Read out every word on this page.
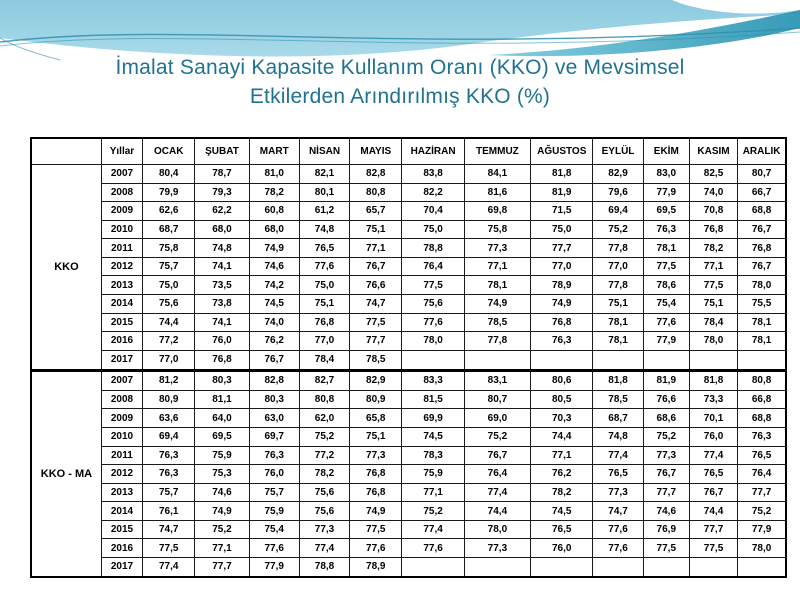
İmalat Sanayi Kapasite Kullanım Oranı (KKO) ve Mevsimsel
Etkilerden Arındırılmış KKO (%)
	Yıllar	OCAK	ŞUBAT	MART	NİSAN	MAYIS	HAZİRAN	TEMMUZ	AĞUSTOS	EYLÜL	EKİM	KASIM	ARALIK
KKO	2007	80,4	78,7	81,0	82,1	82,8	83,8	84,1	81,8	82,9	83,0	82,5	80,7
	2008	79,9	79,3	78,2	80,1	80,8	82,2	81,6	81,9	79,6	77,9	74,0	66,7
	2009	62,6	62,2	60,8	61,2	65,7	70,4	69,8	71,5	69,4	69,5	70,8	68,8
	2010	68,7	68,0	68,0	74,8	75,1	75,0	75,8	75,0	75,2	76,3	76,8	76,7
	2011	75,8	74,8	74,9	76,5	77,1	78,8	77,3	77,7	77,8	78,1	78,2	76,8
	2012	75,7	74,1	74,6	77,6	76,7	76,4	77,1	77,0	77,0	77,5	77,1	76,7
	2013	75,0	73,5	74,2	75,0	76,6	77,5	78,1	78,9	77,8	78,6	77,5	78,0
	2014	75,6	73,8	74,5	75,1	74,7	75,6	74,9	74,9	75,1	75,4	75,1	75,5
	2015	74,4	74,1	74,0	76,8	77,5	77,6	78,5	76,8	78,1	77,6	78,4	78,1
	2016	77,2	76,0	76,2	77,0	77,7	78,0	77,8	76,3	78,1	77,9	78,0	78,1
	2017	77,0	76,8	76,7	78,4	78,5							
KKO - MA	2007	81,2	80,3	82,8	82,7	82,9	83,3	83,1	80,6	81,8	81,9	81,8	80,8
	2008	80,9	81,1	80,3	80,8	80,9	81,5	80,7	80,5	78,5	76,6	73,3	66,8
	2009	63,6	64,0	63,0	62,0	65,8	69,9	69,0	70,3	68,7	68,6	70,1	68,8
	2010	69,4	69,5	69,7	75,2	75,1	74,5	75,2	74,4	74,8	75,2	76,0	76,3
	2011	76,3	75,9	76,3	77,2	77,3	78,3	76,7	77,1	77,4	77,3	77,4	76,5
	2012	76,3	75,3	76,0	78,2	76,8	75,9	76,4	76,2	76,5	76,7	76,5	76,4
	2013	75,7	74,6	75,7	75,6	76,8	77,1	77,4	78,2	77,3	77,7	76,7	77,7
	2014	76,1	74,9	75,9	75,6	74,9	75,2	74,4	74,5	74,7	74,6	74,4	75,2
	2015	74,7	75,2	75,4	77,3	77,5	77,4	78,0	76,5	77,6	76,9	77,7	77,9
	2016	77,5	77,1	77,6	77,4	77,6	77,6	77,3	76,0	77,6	77,5	77,5	78,0
	2017	77,4	77,7	77,9	78,8	78,9							
